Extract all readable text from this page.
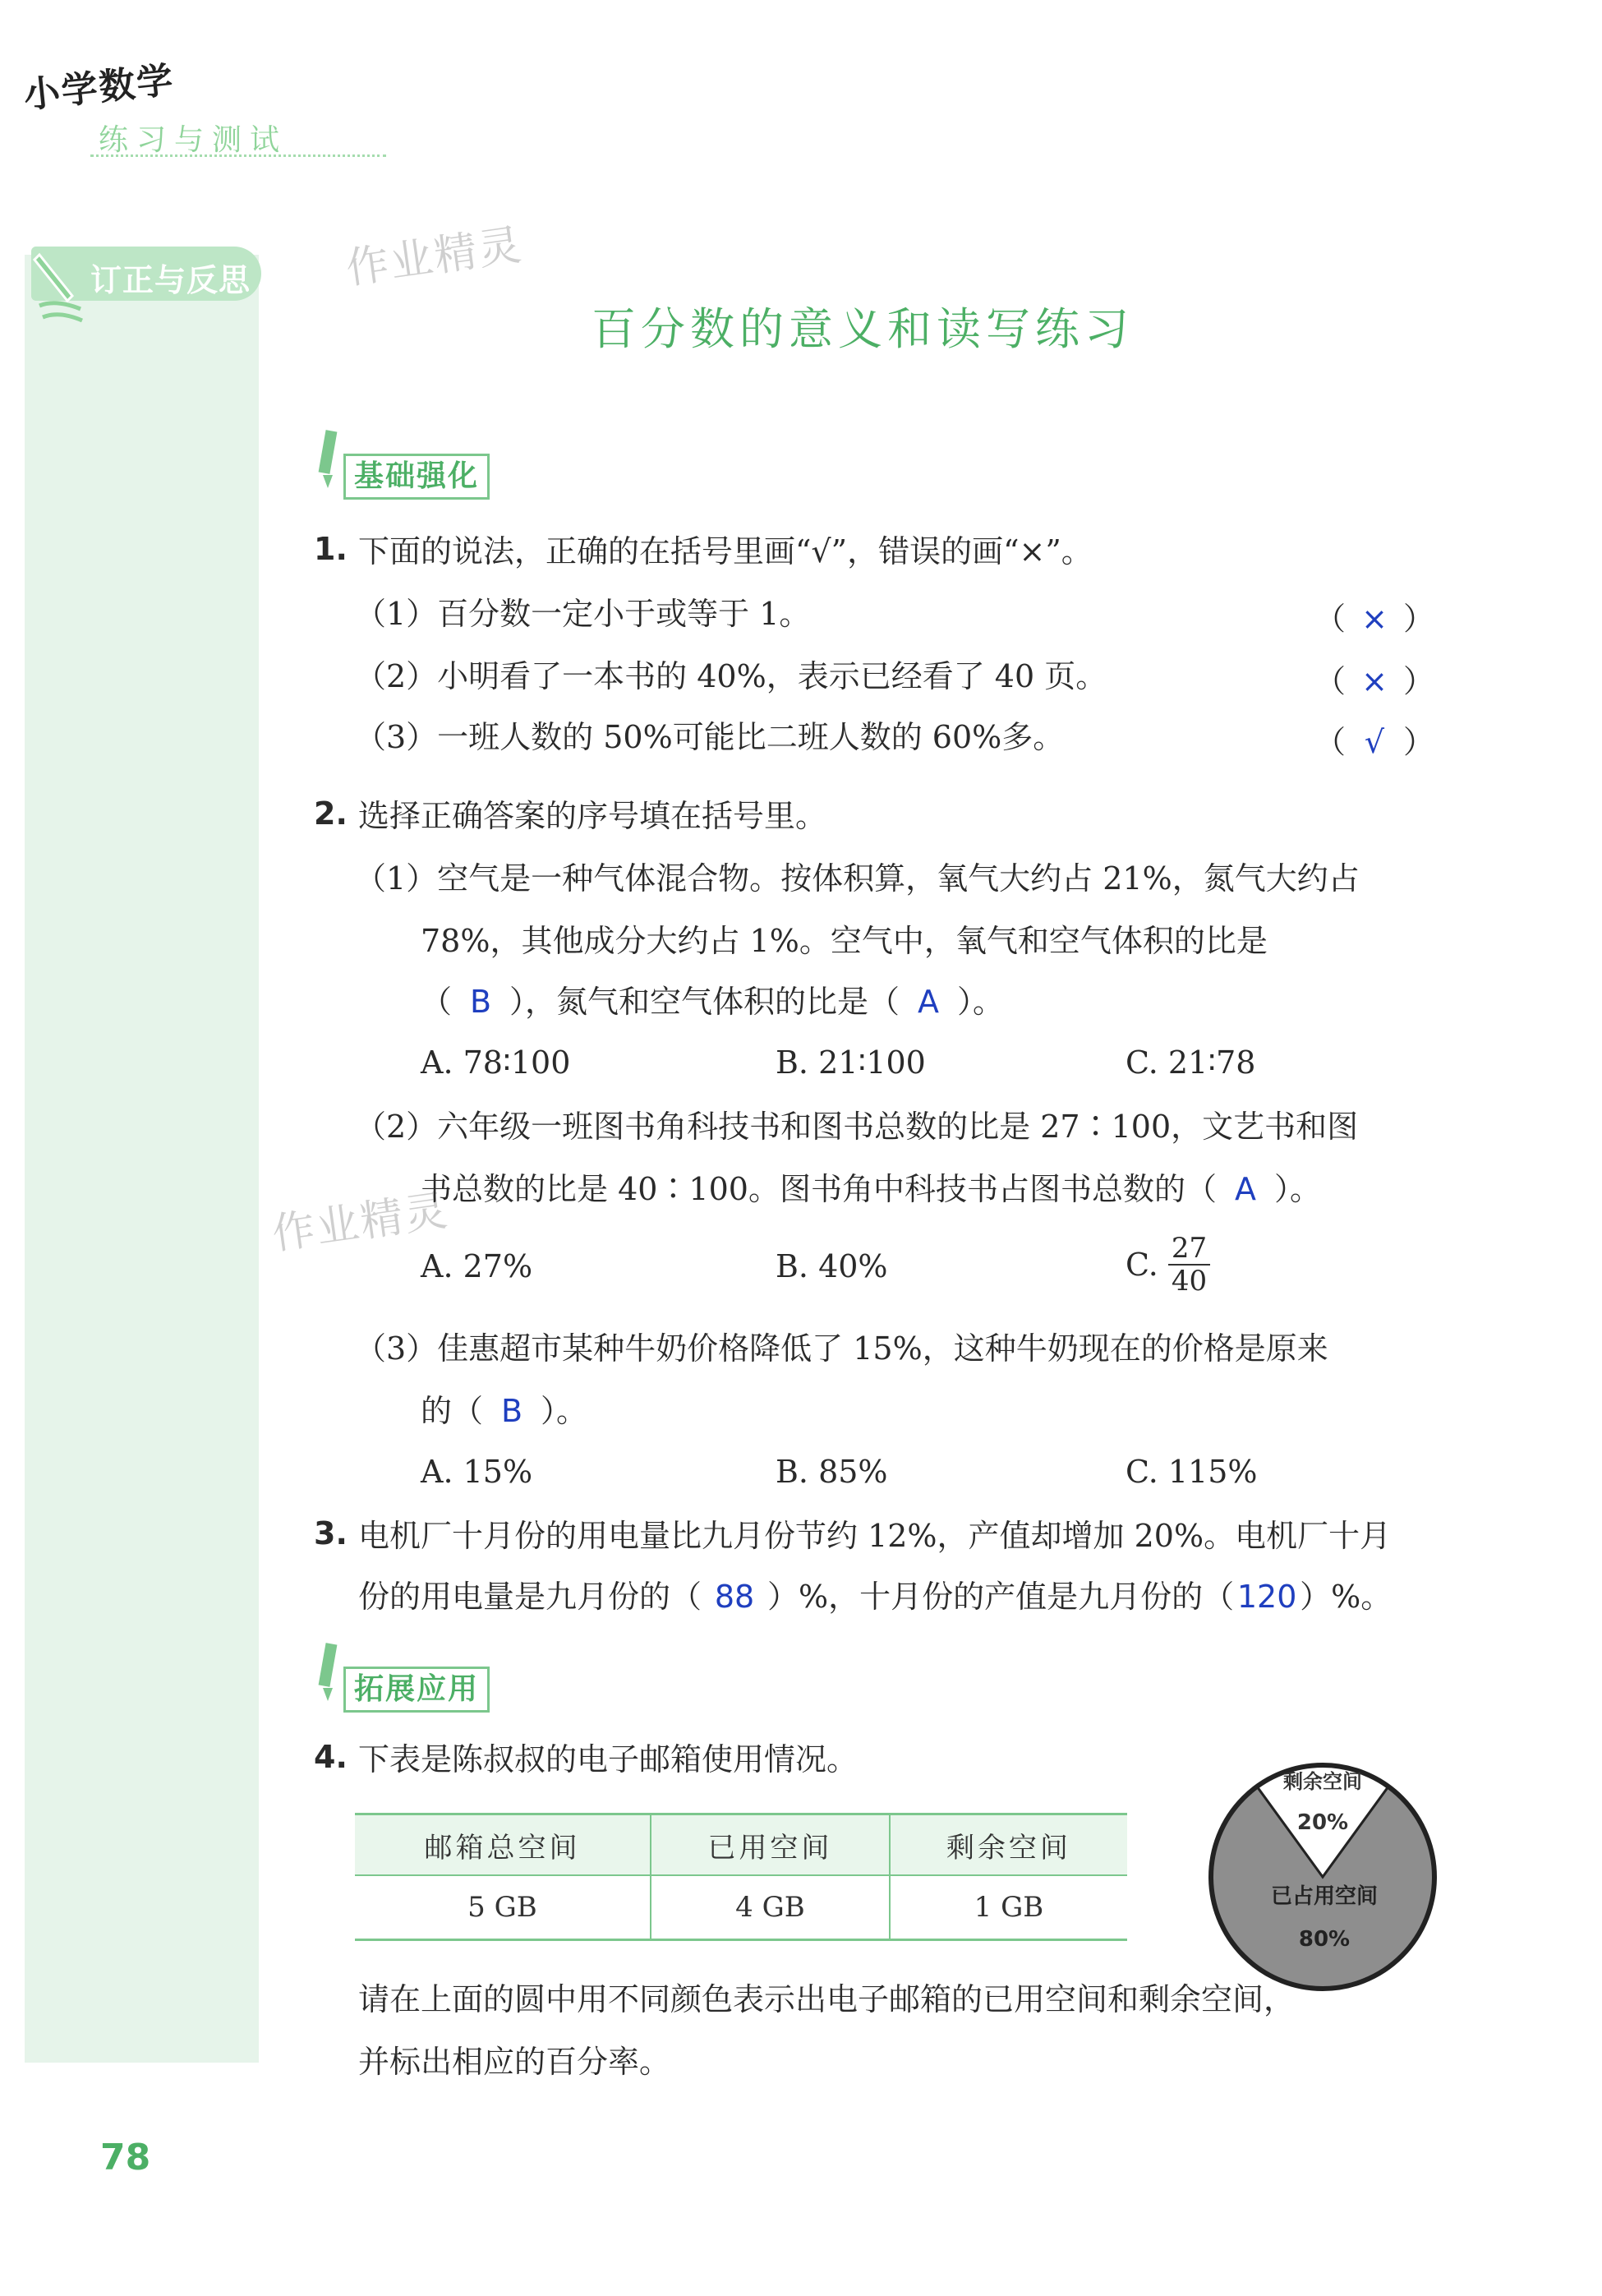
小学数学
练习与测试
订正与反思 作业精灵
作业精灵
百分数的意义和读写练习
基础强化
1. 下面的说法，正确的在括号里画“√”，错误的画“×”。
（1）百分数一定小于或等于 1。	（ × ）
（2）小明看了一本书的 40%，表示已经看了 40 页。	（ × ）
（3）一班人数的 50%可能比二班人数的 60%多。	（ √ ）
2. 选择正确答案的序号填在括号里。
（1）空气是一种气体混合物。按体积算，氧气大约占 21%，氮气大约占
78%，其他成分大约占 1%。空气中，氧气和空气体积的比是
（ B ），氮气和空气体积的比是（ A ）。
A. 78∶100	B. 21∶100	C. 21∶78
（2）六年级一班图书角科技书和图书总数的比是 27∶100，文艺书和图
书总数的比是 40∶100。图书角中科技书占图书总数的（ A ）。
A. 27%	B. 40%	C. $\frac{27}{40}$
（3）佳惠超市某种牛奶价格降低了 15%，这种牛奶现在的价格是原来
的（ B ）。
A. 15%	B. 85%	C. 115%
3. 电机厂十月份的用电量比九月份节约 12%，产值却增加 20%。电机厂十月
份的用电量是九月份的（ 88 ）%，十月份的产值是九月份的（120）%。
拓展应用
4. 下表是陈叔叔的电子邮箱使用情况。
邮箱总空间	已用空间	剩余空间
5 GB	4 GB	1 GB
剩余空间
20%
已占用空间
80%
请在上面的圆中用不同颜色表示出电子邮箱的已用空间和剩余空间，
并标出相应的百分率。
78
